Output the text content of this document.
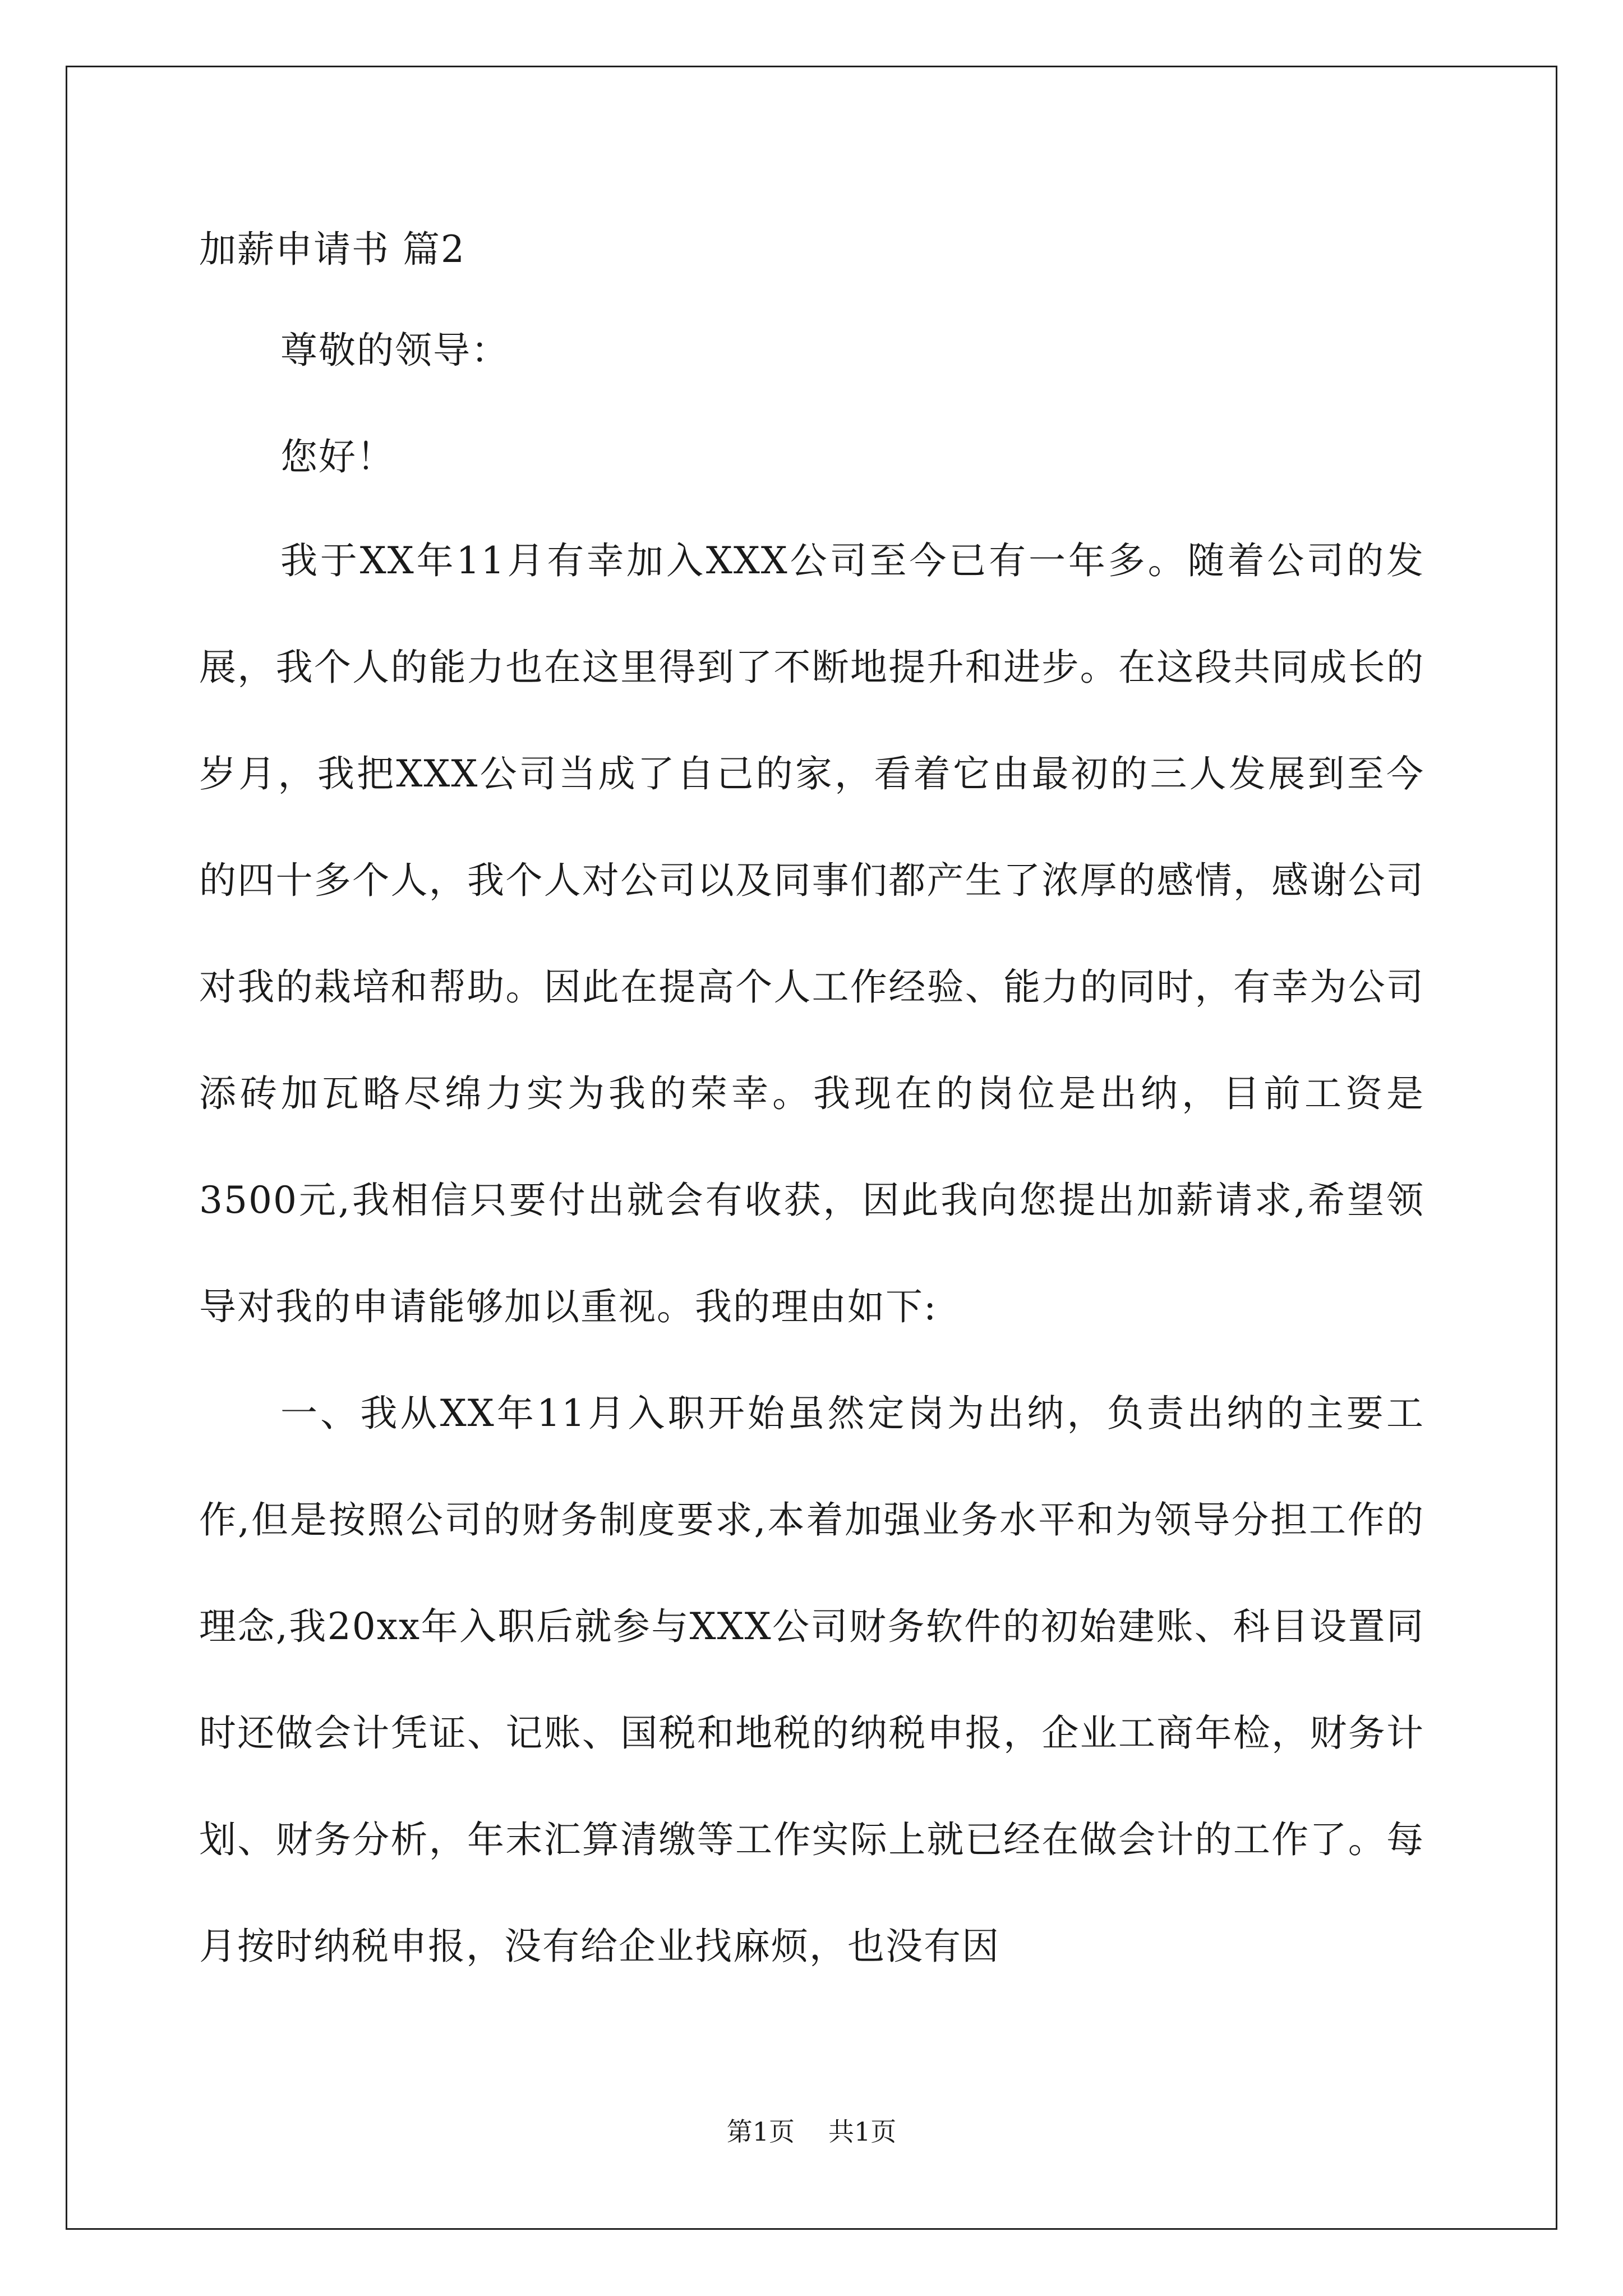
加薪申请书 篇2

尊敬的领导：

您好！

我于XX年11月有幸加入XXX公司至今已有一年多。随着公司的发展，我个人的能力也在这里得到了不断地提升和进步。在这段共同成长的岁月，我把XXX公司当成了自己的家，看着它由最初的三人发展到至今的四十多个人，我个人对公司以及同事们都产生了浓厚的感情，感谢公司对我的栽培和帮助。因此在提高个人工作经验、能力的同时，有幸为公司添砖加瓦略尽绵力实为我的荣幸。我现在的岗位是出纳，目前工资是3500元,我相信只要付出就会有收获，因此我向您提出加薪请求,希望领导对我的申请能够加以重视。我的理由如下:

一、我从XX年11月入职开始虽然定岗为出纳，负责出纳的主要工作,但是按照公司的财务制度要求,本着加强业务水平和为领导分担工作的理念,我20xx年入职后就参与XXX公司财务软件的初始建账、科目设置同时还做会计凭证、记账、国税和地税的纳税申报，企业工商年检，财务计划、财务分析，年末汇算清缴等工作实际上就已经在做会计的工作了。每月按时纳税申报，没有给企业找麻烦，也没有因

第1页 共1页
